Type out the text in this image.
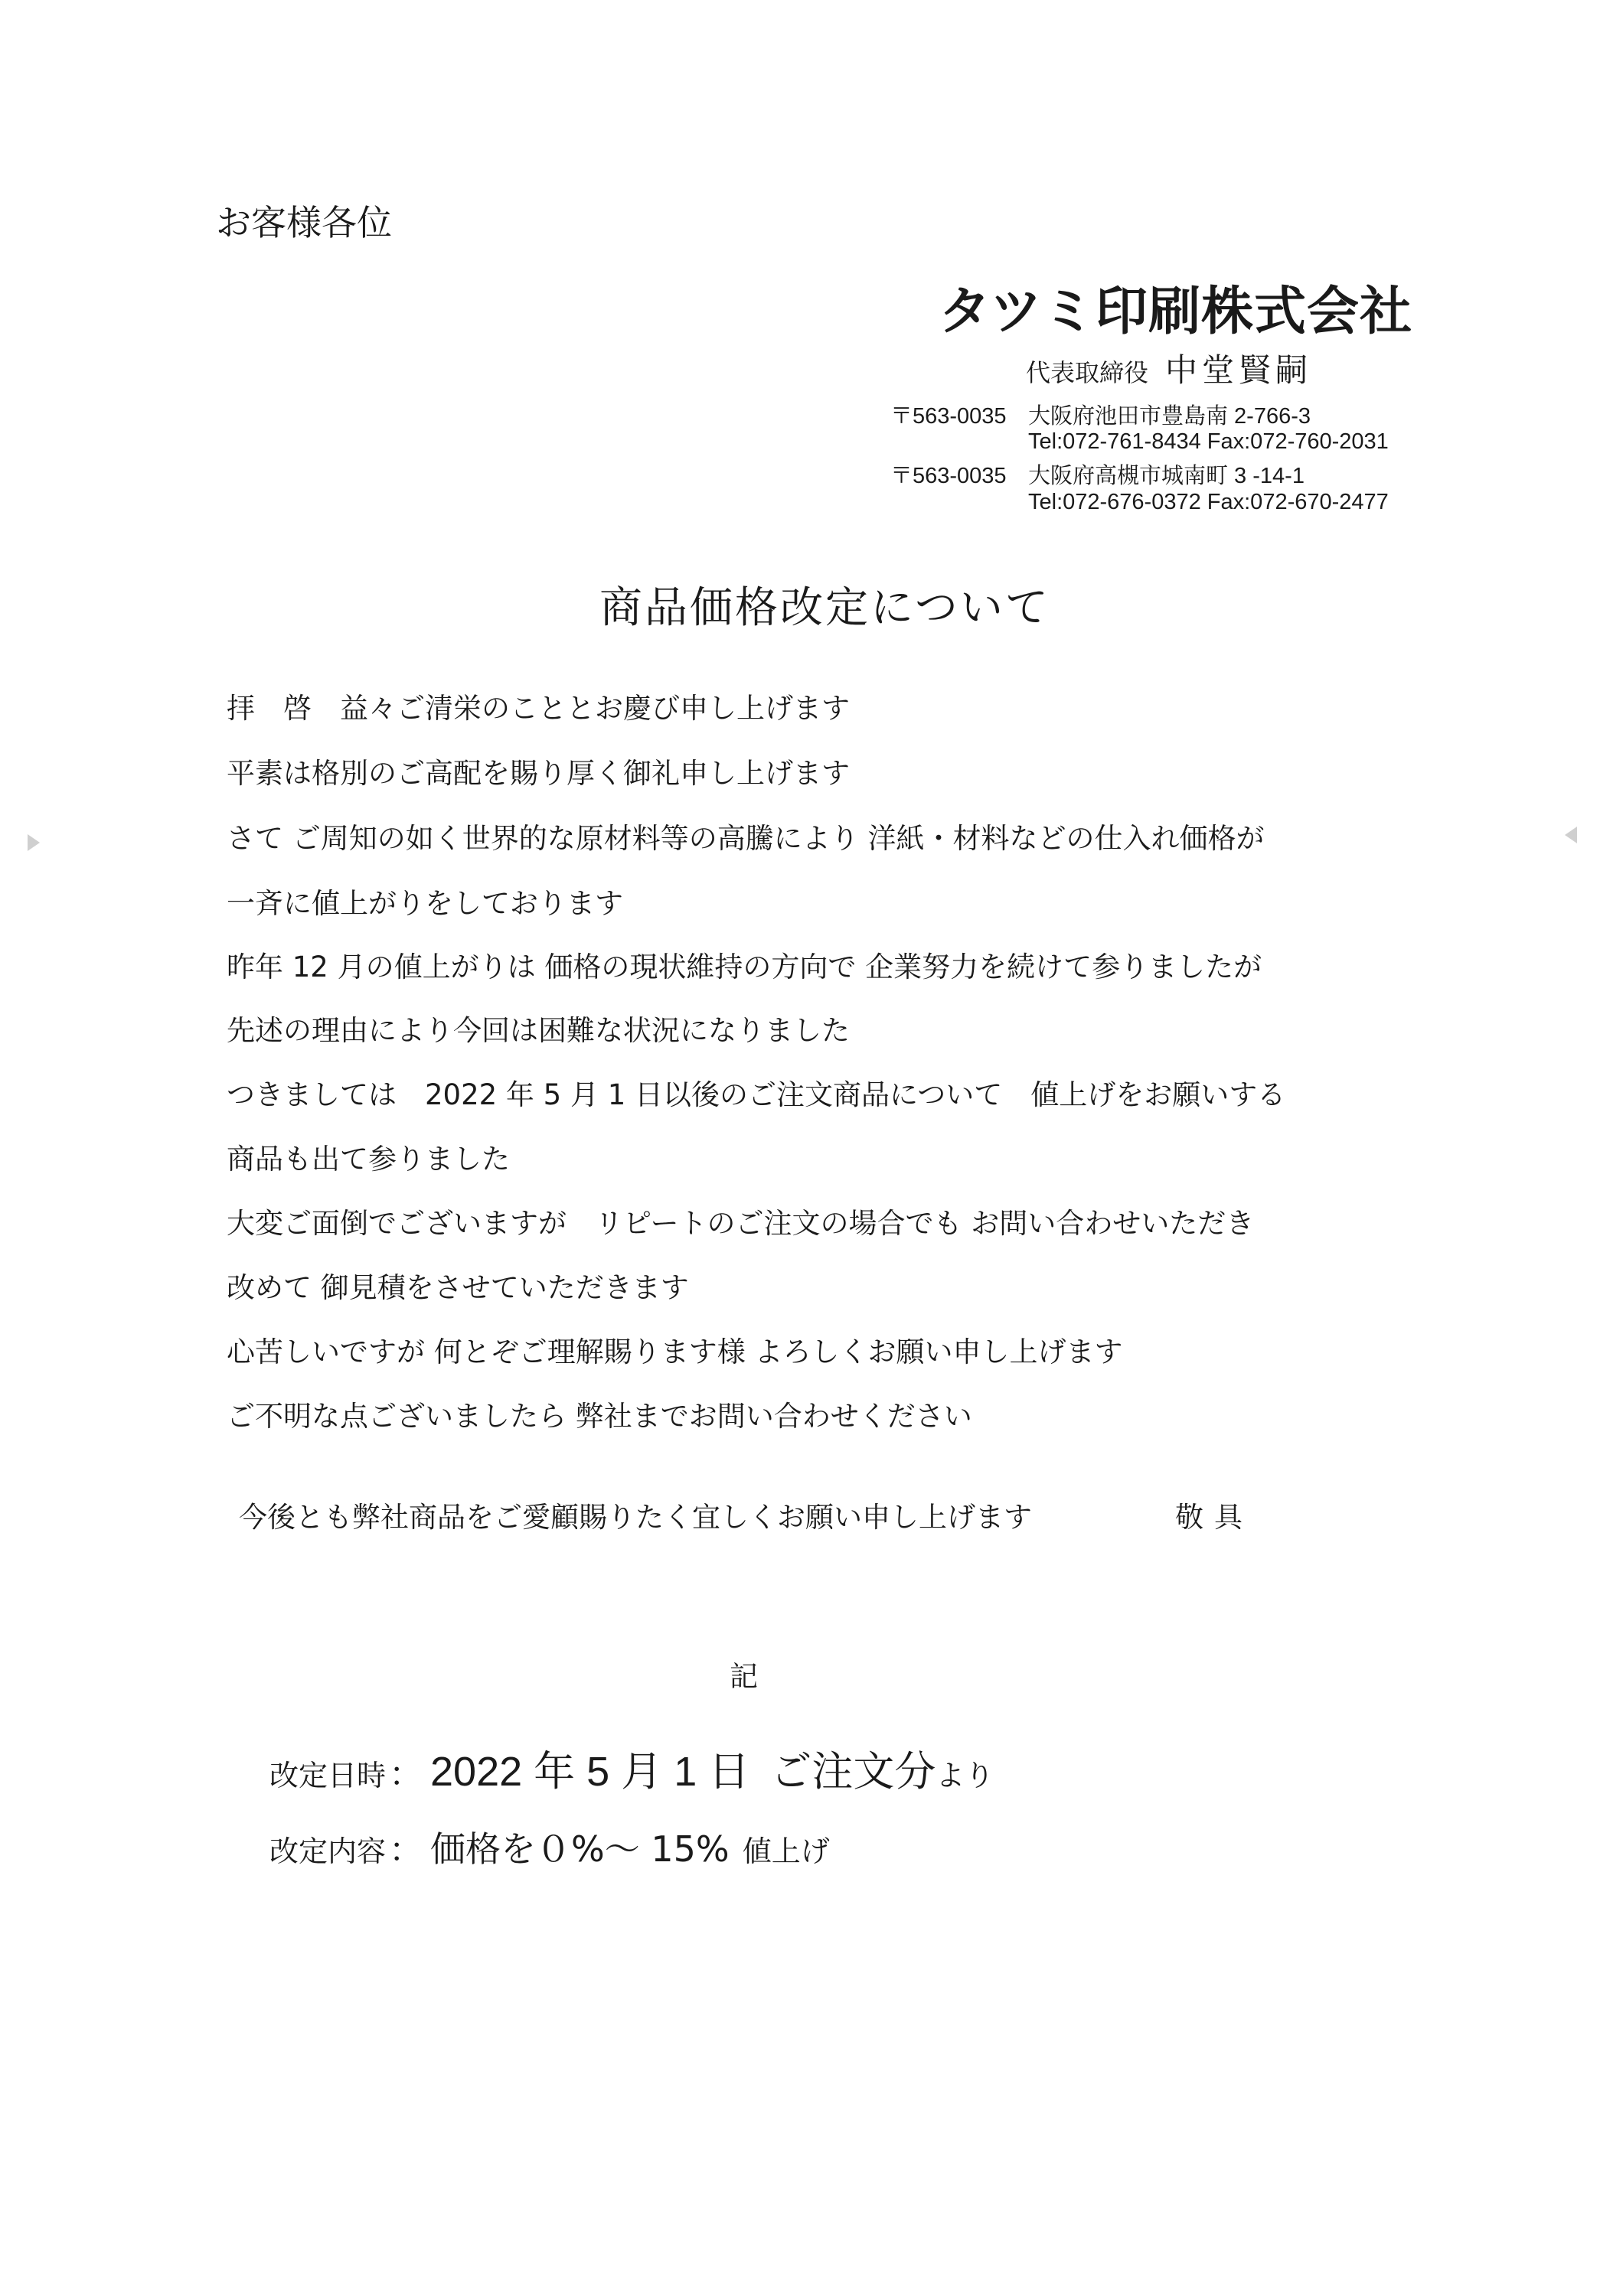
お客様各位
タツミ印刷株式会社
代表取締役 中堂賢嗣
〒563-0035 大阪府池田市豊島南 2-766-3
Tel:072-761-8434 Fax:072-760-2031
〒563-0035 大阪府高槻市城南町 3 -14-1
Tel:072-676-0372 Fax:072-670-2477
商品価格改定について
拝　啓　益々ご清栄のこととお慶び申し上げます
平素は格別のご高配を賜り厚く御礼申し上げます
さて ご周知の如く世界的な原材料等の高騰により 洋紙・材料などの仕入れ価格が
一斉に値上がりをしております
昨年 12 月の値上がりは 価格の現状維持の方向で 企業努力を続けて参りましたが
先述の理由により今回は困難な状況になりました
つきましては　2022 年 5 月 1 日以後のご注文商品について　値上げをお願いする
商品も出て参りました
大変ご面倒でございますが　リピートのご注文の場合でも お問い合わせいただき
改めて 御見積をさせていただきます
心苦しいですが 何とぞご理解賜ります様 よろしくお願い申し上げます
ご不明な点ございましたら 弊社までお問い合わせください
今後とも弊社商品をご愛顧賜りたく宜しくお願い申し上げます	敬具
記
改定日時： 2022 年 5 月 1 日 ご注文分より
改定内容： 価格を０%～ 15% 値上げ
